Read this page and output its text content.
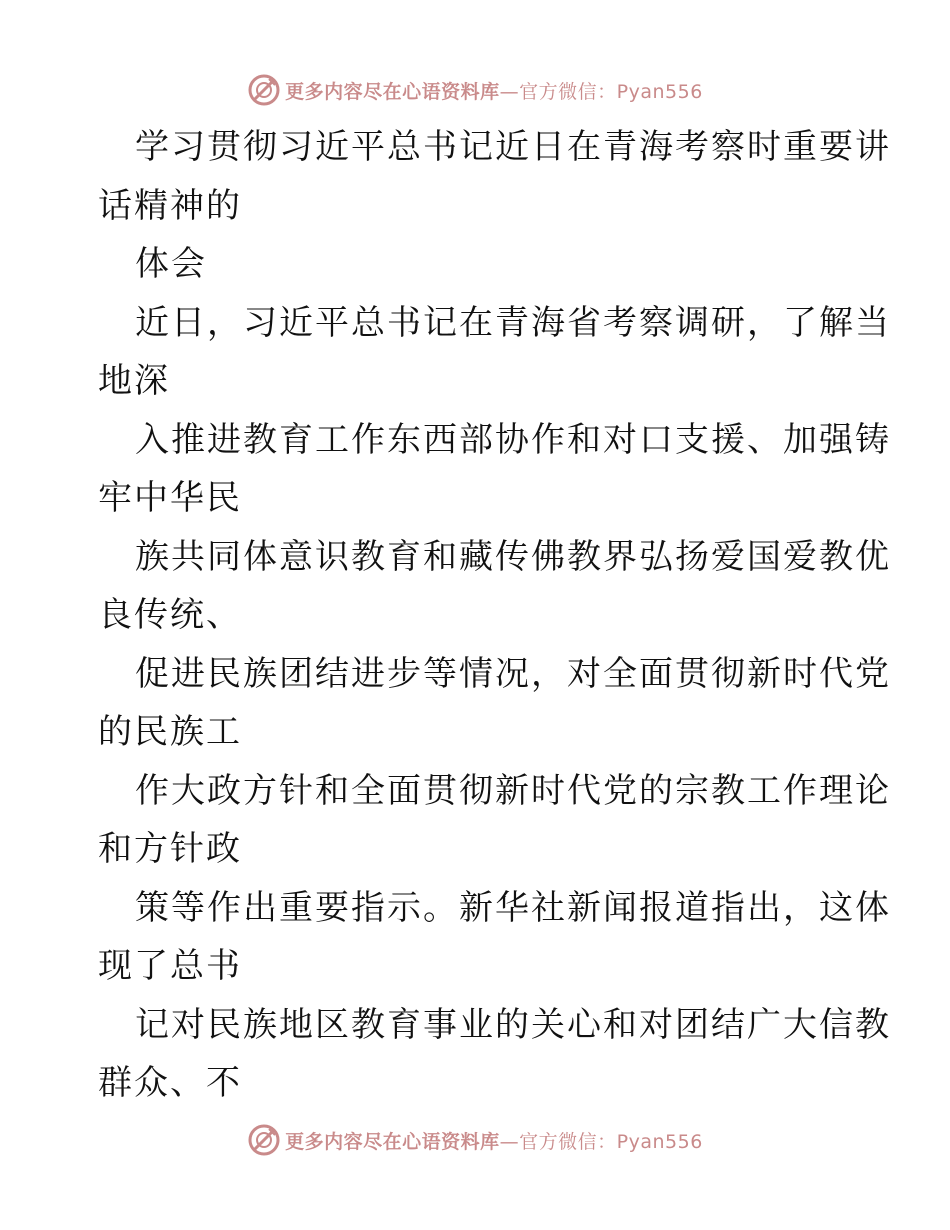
更多内容尽在心语资料库—官方微信：Pyan556
学习贯彻习近平总书记近日在青海考察时重要讲
话精神的
体会
近日，习近平总书记在青海省考察调研，了解当
地深
入推进教育工作东西部协作和对口支援、加强铸
牢中华民
族共同体意识教育和藏传佛教界弘扬爱国爱教优
良传统、
促进民族团结进步等情况，对全面贯彻新时代党
的民族工
作大政方针和全面贯彻新时代党的宗教工作理论
和方针政
策等作出重要指示。新华社新闻报道指出，这体
现了总书
记对民族地区教育事业的关心和对团结广大信教
群众、不
更多内容尽在心语资料库—官方微信：Pyan556
